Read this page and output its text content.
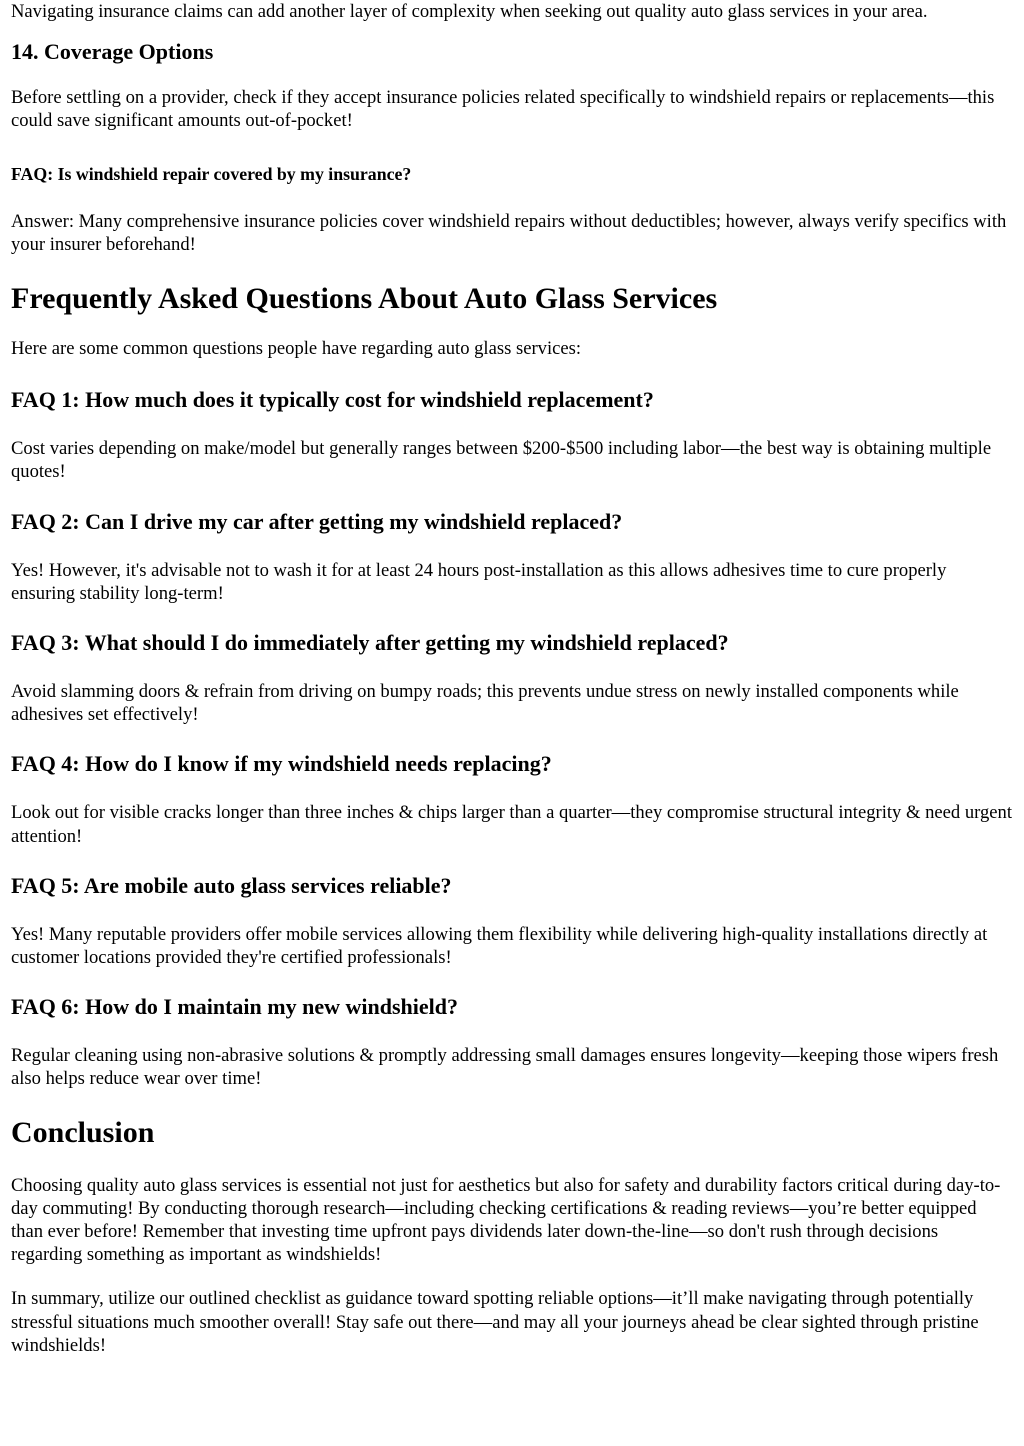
Navigating insurance claims can add another layer of complexity when seeking out quality auto glass services in your area.

14. Coverage Options

Before settling on a provider, check if they accept insurance policies related specifically to windshield repairs or replacements—this could save significant amounts out-of-pocket!

FAQ: Is windshield repair covered by my insurance?

Answer: Many comprehensive insurance policies cover windshield repairs without deductibles; however, always verify specifics with your insurer beforehand!

Frequently Asked Questions About Auto Glass Services

Here are some common questions people have regarding auto glass services:

FAQ 1: How much does it typically cost for windshield replacement?

Cost varies depending on make/model but generally ranges between $200-$500 including labor—the best way is obtaining multiple quotes!

FAQ 2: Can I drive my car after getting my windshield replaced?

Yes! However, it's advisable not to wash it for at least 24 hours post-installation as this allows adhesives time to cure properly ensuring stability long-term!

FAQ 3: What should I do immediately after getting my windshield replaced?

Avoid slamming doors & refrain from driving on bumpy roads; this prevents undue stress on newly installed components while adhesives set effectively!

FAQ 4: How do I know if my windshield needs replacing?

Look out for visible cracks longer than three inches & chips larger than a quarter—they compromise structural integrity & need urgent attention!

FAQ 5: Are mobile auto glass services reliable?

Yes! Many reputable providers offer mobile services allowing them flexibility while delivering high-quality installations directly at customer locations provided they're certified professionals!

FAQ 6: How do I maintain my new windshield?

Regular cleaning using non-abrasive solutions & promptly addressing small damages ensures longevity—keeping those wipers fresh also helps reduce wear over time!

Conclusion

Choosing quality auto glass services is essential not just for aesthetics but also for safety and durability factors critical during day-to-day commuting! By conducting thorough research—including checking certifications & reading reviews—you’re better equipped than ever before! Remember that investing time upfront pays dividends later down-the-line—so don't rush through decisions regarding something as important as windshields!

In summary, utilize our outlined checklist as guidance toward spotting reliable options—it’ll make navigating through potentially stressful situations much smoother overall! Stay safe out there—and may all your journeys ahead be clear sighted through pristine windshields!
